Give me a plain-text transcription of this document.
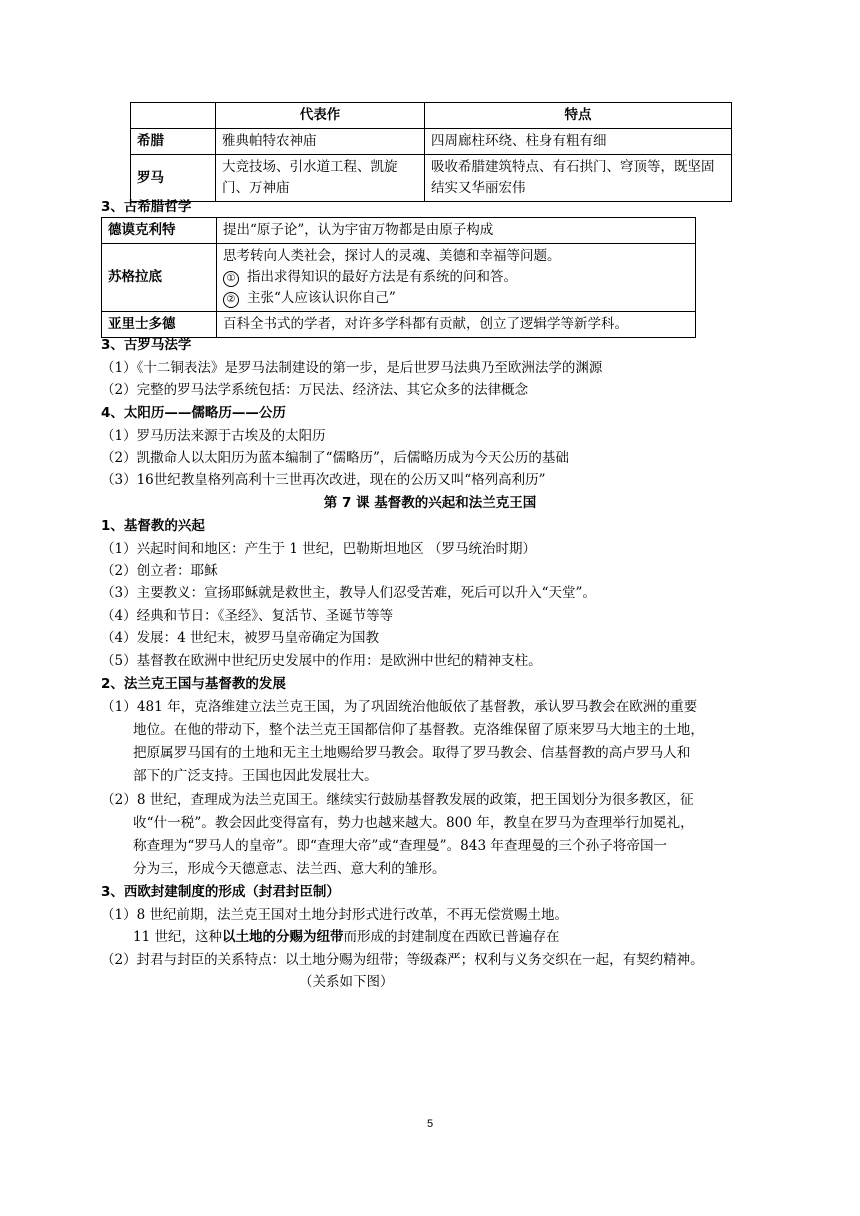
	代表作	特点
希腊	雅典帕特农神庙	四周廊柱环绕、柱身有粗有细
罗马	大竞技场、引水道工程、凯旋门、万神庙	吸收希腊建筑特点、有石拱门、穹顶等，既坚固结实又华丽宏伟
3、古希腊哲学
德谟克利特	提出“原子论”，认为宇宙万物都是由原子构成
苏格拉底	思考转向人类社会，探讨人的灵魂、美德和幸福等问题。
① 指出求得知识的最好方法是有系统的问和答。
② 主张“人应该认识你自己”

亚里士多德	百科全书式的学者，对许多学科都有贡献，创立了逻辑学等新学科。
3、古罗马法学
（1）《十二铜表法》是罗马法制建设的第一步，是后世罗马法典乃至欧洲法学的渊源
（2）完整的罗马法学系统包括：万民法、经济法、其它众多的法律概念
4、太阳历——儒略历——公历
（1）罗马历法来源于古埃及的太阳历
（2）凯撒命人以太阳历为蓝本编制了“儒略历”，后儒略历成为今天公历的基础
（3）16世纪教皇格列高利十三世再次改进，现在的公历又叫“格列高利历”
第 7 课 基督教的兴起和法兰克王国
1、基督教的兴起
（1）兴起时间和地区：产生于 1 世纪，巴勒斯坦地区 （罗马统治时期）
（2）创立者：耶稣
（3）主要教义：宣扬耶稣就是救世主，教导人们忍受苦难，死后可以升入“天堂”。
（4）经典和节日：《圣经》、复活节、圣诞节等等
（4）发展：4 世纪末，被罗马皇帝确定为国教
（5）基督教在欧洲中世纪历史发展中的作用：是欧洲中世纪的精神支柱。
2、法兰克王国与基督教的发展
（1）481 年，克洛维建立法兰克王国，为了巩固统治他皈依了基督教，承认罗马教会在欧洲的重要
地位。在他的带动下，整个法兰克王国都信仰了基督教。克洛维保留了原来罗马大地主的土地，
把原属罗马国有的土地和无主土地赐给罗马教会。取得了罗马教会、信基督教的高卢罗马人和
部下的广泛支持。王国也因此发展壮大。
（2）8 世纪，查理成为法兰克国王。继续实行鼓励基督教发展的政策，把王国划分为很多教区，征
收“什一税”。教会因此变得富有，势力也越来越大。800 年，教皇在罗马为查理举行加冕礼，
称查理为“罗马人的皇帝”。即“查理大帝”或“查理曼”。843 年查理曼的三个孙子将帝国一
分为三，形成今天德意志、法兰西、意大利的雏形。
3、西欧封建制度的形成（封君封臣制）
（1）8 世纪前期，法兰克王国对土地分封形式进行改革，不再无偿赏赐土地。
11 世纪，这种以土地的分赐为纽带而形成的封建制度在西欧已普遍存在
（2）封君与封臣的关系特点：以土地分赐为纽带；等级森严；权利与义务交织在一起，有契约精神。
（关系如下图）
5
